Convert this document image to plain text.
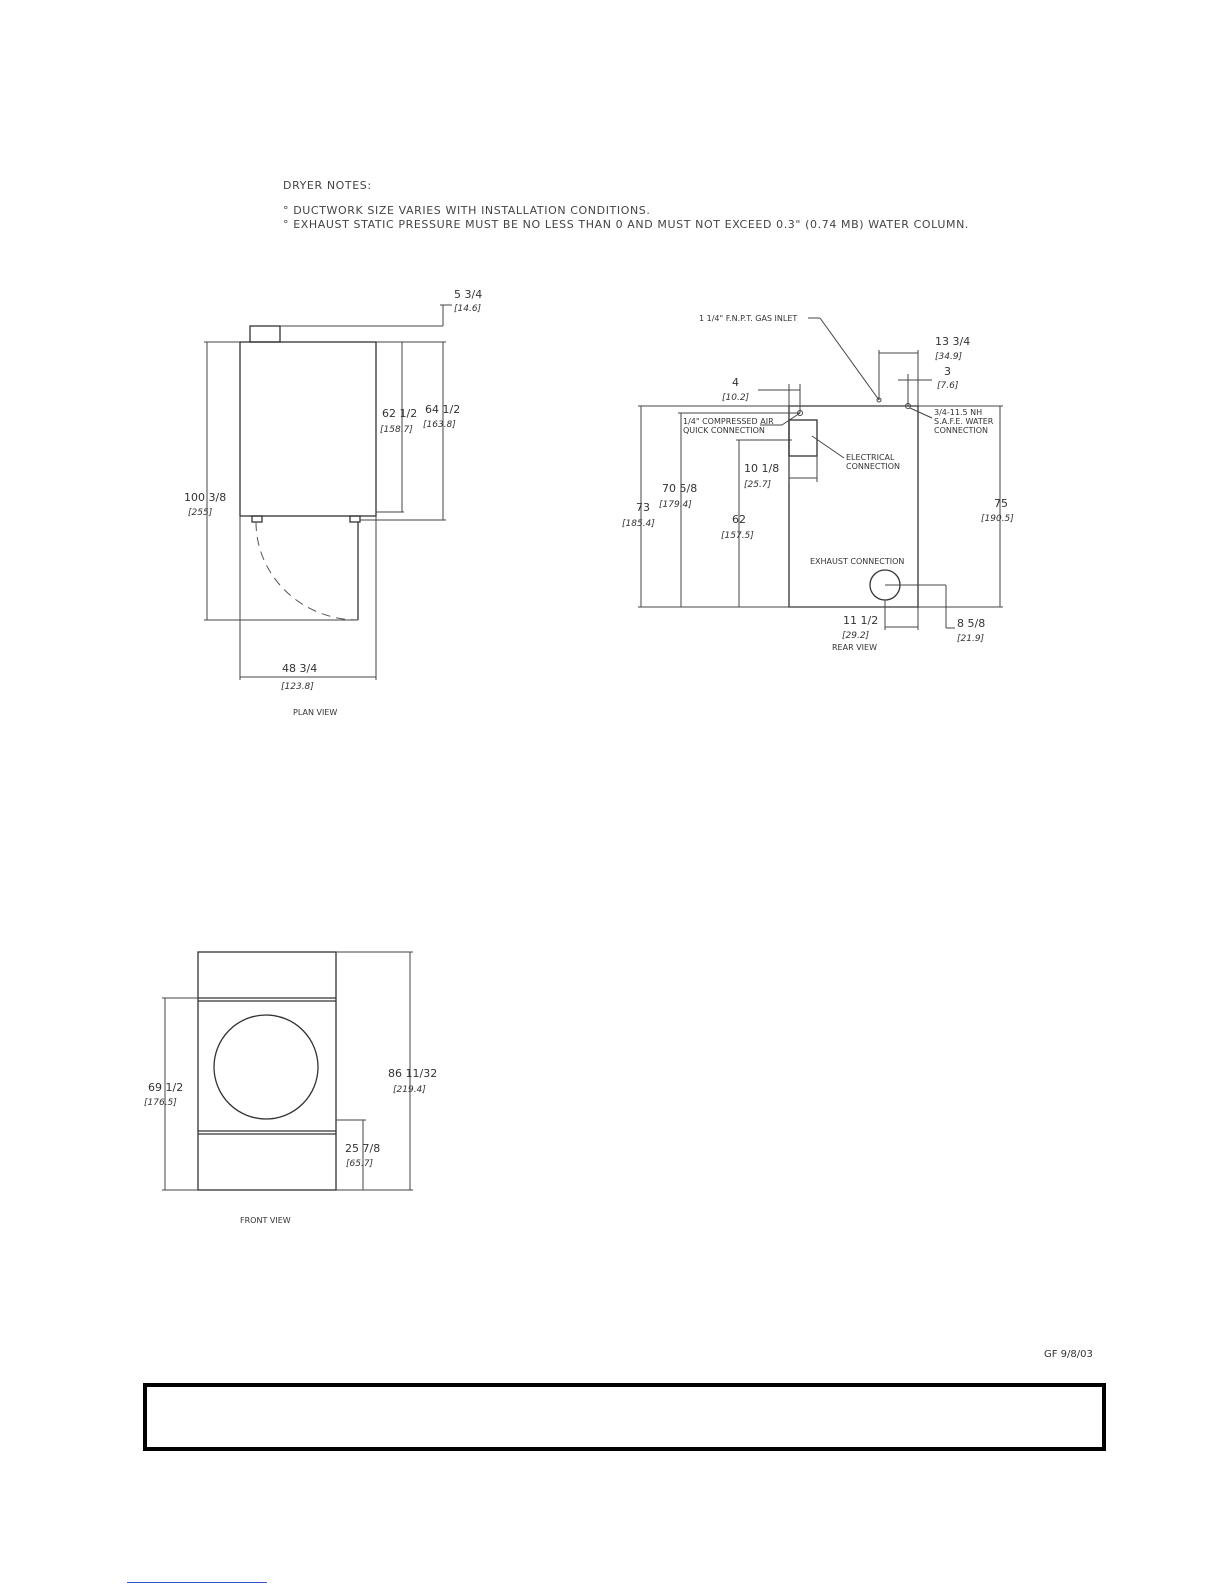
DRYER NOTES:
° DUCTWORK SIZE VARIES WITH INSTALLATION CONDITIONS.
° EXHAUST STATIC PRESSURE MUST BE NO LESS THAN 0 AND MUST NOT EXCEED 0.3" (0.74 MB) WATER COLUMN.
5 3/4
[14.6]
62 1/2
[158.7]
64 1/2
[163.8]
100 3/8
[255]
48 3/4
[123.8]
PLAN VIEW
1 1/4" F.N.P.T. GAS INLET
1/4" COMPRESSED AIR
QUICK CONNECTION
ELECTRICAL
CONNECTION
3/4-11.5 NH
S.A.F.E. WATER
CONNECTION
EXHAUST CONNECTION
13 3/4
[34.9]
3
[7.6]
4
[10.2]
10 1/8
[25.7]
70 5/8
[179.4]
73
[185.4]	62
[157.5]
75
[190.5]
11 1/2
[29.2]
8 5/8
[21.9]
REAR VIEW
69 1/2
[176.5]
86 11/32
[219.4]
25 7/8
[65.7]
FRONT VIEW
GF 9/8/03
